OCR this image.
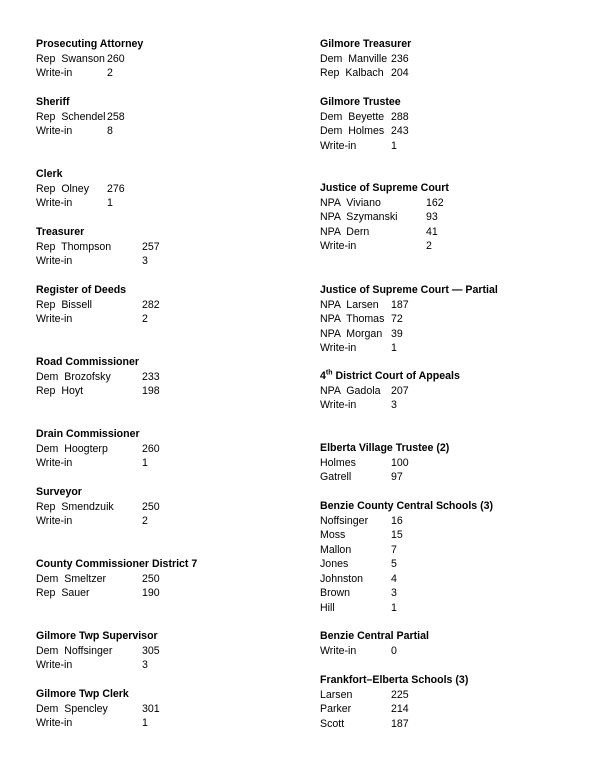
Prosecuting Attorney
Rep  Swanson 260
Write-in	2
Sheriff
Rep  Schendel 258
Write-in	8
Clerk
Rep  Olney 276
Write-in	1
Treasurer
Rep  Thompson	257
Write-in	3
Register of Deeds
Rep  Bissell	282
Write-in	2
Road Commissioner
Dem  Brozofsky	233
Rep  Hoyt	198
Drain Commissioner
Dem  Hoogterp	260
Write-in	1
Surveyor
Rep  Smendzuik	250
Write-in	2
County Commissioner District 7
Dem  Smeltzer	250
Rep  Sauer	190
Gilmore Twp Supervisor
Dem  Noffsinger	305
Write-in	3
Gilmore Twp Clerk
Dem  Spencley	301
Write-in	1
Gilmore Treasurer
Dem  Manville 236
Rep  Kalbach 204
Gilmore Trustee
Dem  Beyette 288
Dem  Holmes 243
Write-in	1
Justice of Supreme Court
NPA  Viviano	162
NPA  Szymanski	93
NPA  Dern	41
Write-in	2
Justice of Supreme Court — Partial
NPA  Larsen 187
NPA  Thomas 72
NPA  Morgan 39
Write-in	1
4th District Court of Appeals
NPA  Gadola 207
Write-in	3
Elberta Village Trustee (2)
Holmes	100
Gatrell	97
Benzie County Central Schools (3)
Noffsinger 16
Moss	15
Mallon	7
Jones	5
Johnston	4
Brown	3
Hill	1
Benzie Central Partial
Write-in	0
Frankfort–Elberta Schools (3)
Larsen	225
Parker	214
Scott	187
